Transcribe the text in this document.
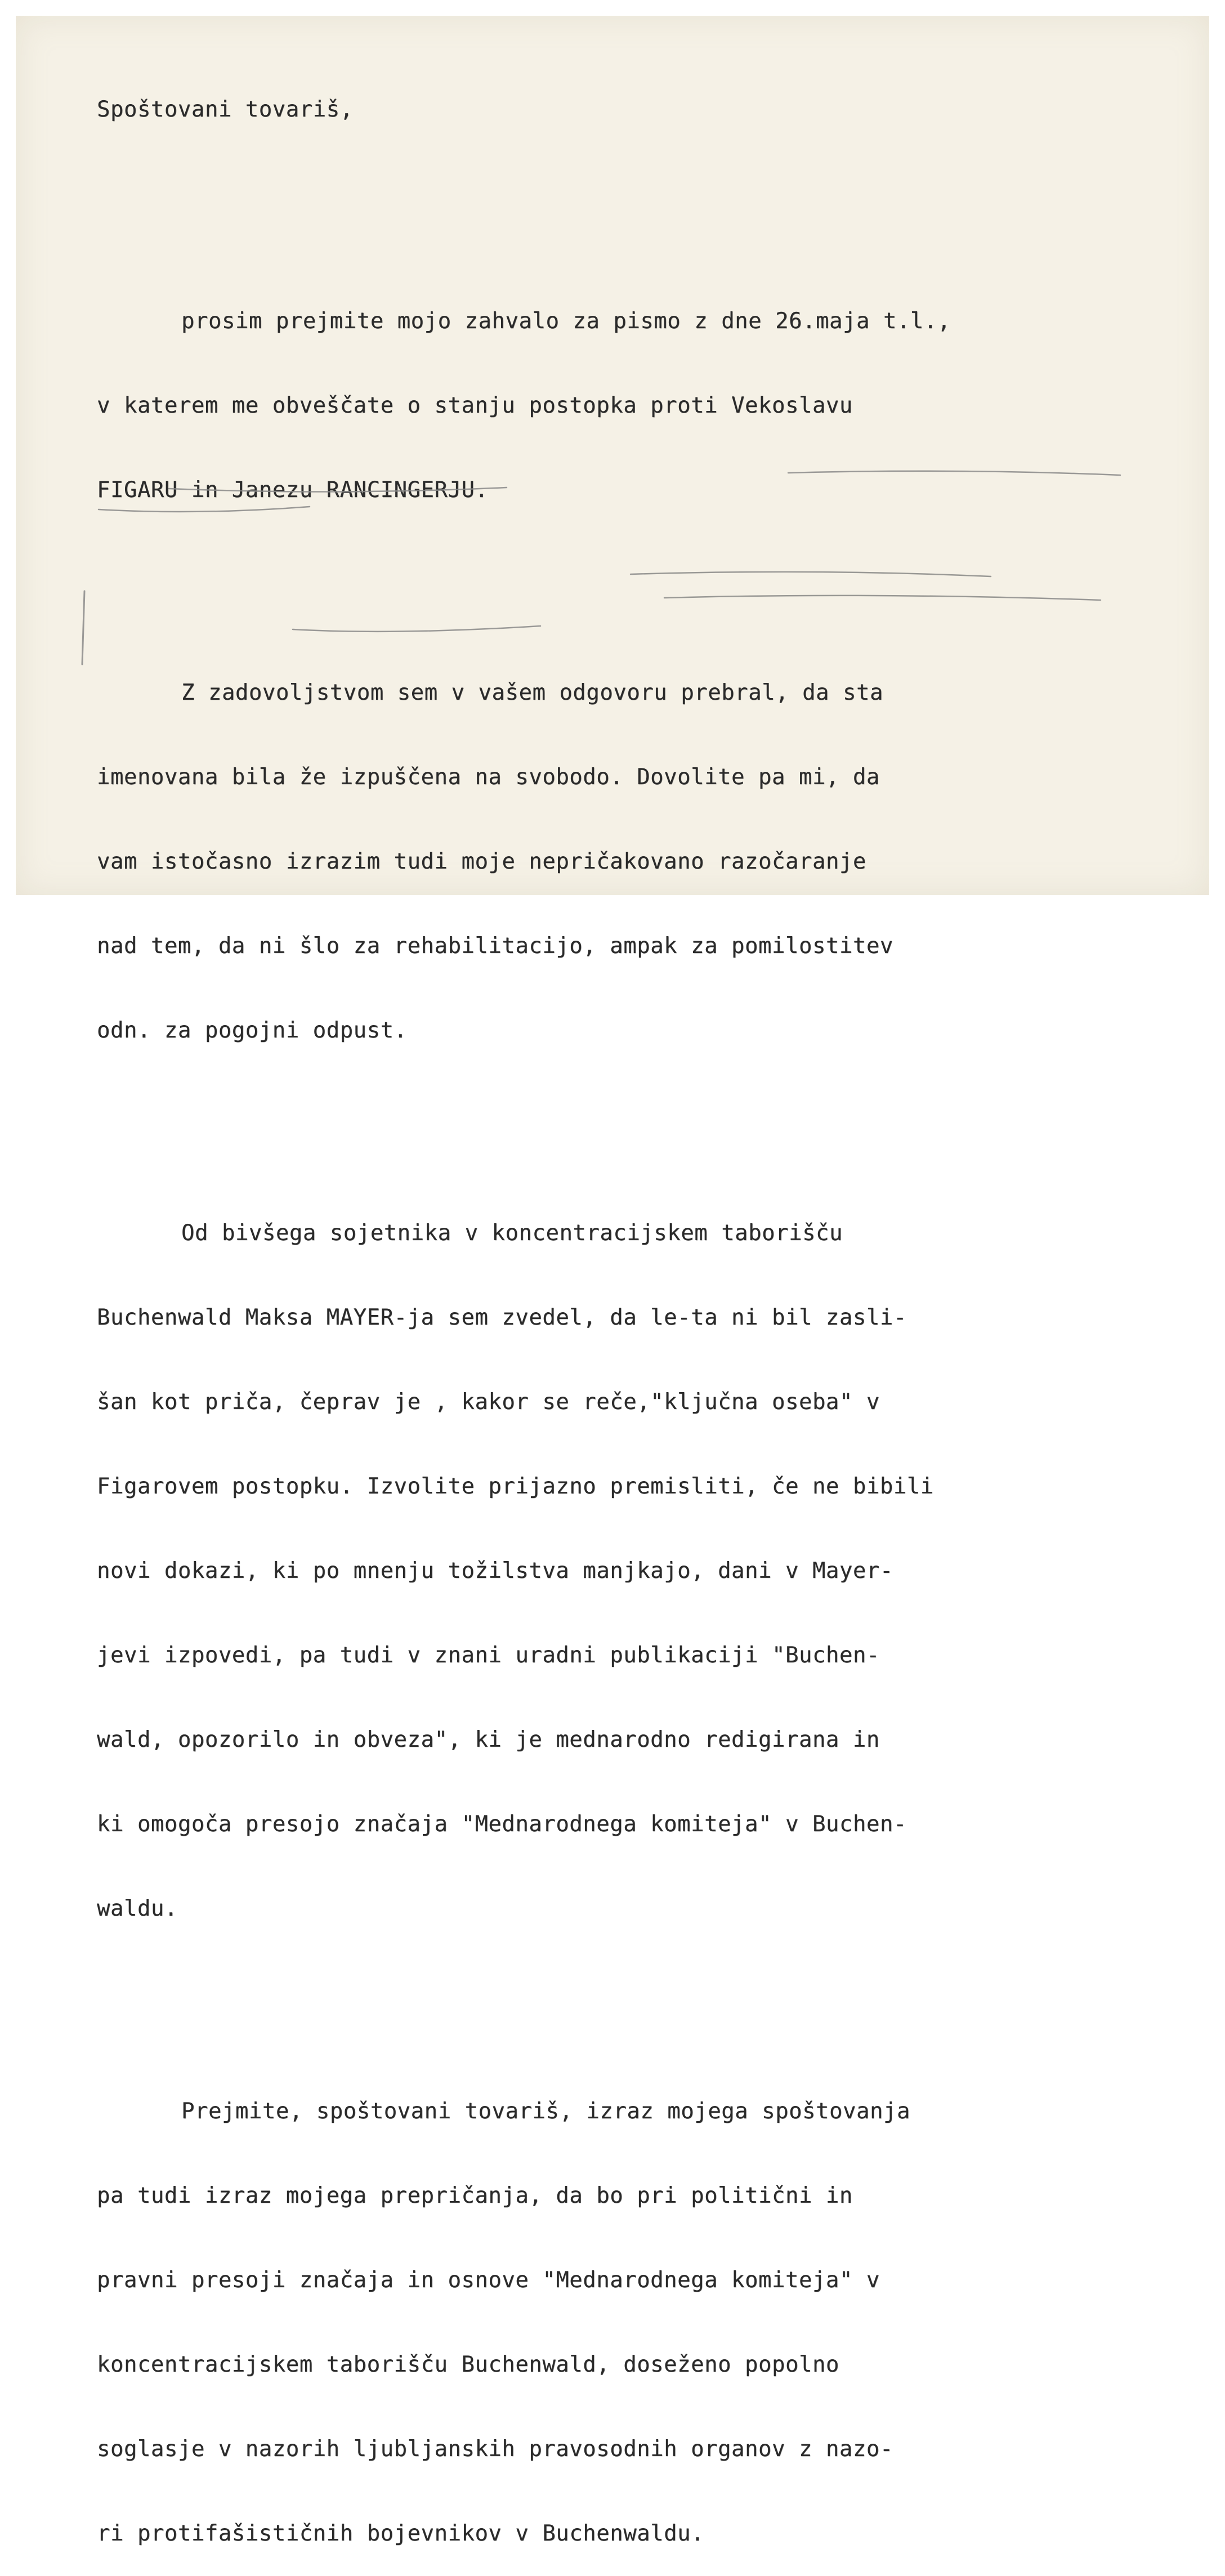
Spoštovani tovariš,

prosim prejmite mojo zahvalo za pismo z dne 26.maja t.l.,

v katerem me obveščate o stanju postopka proti Vekoslavu

FIGARU in Janezu RANCINGERJU.

Z zadovoljstvom sem v vašem odgovoru prebral, da sta

imenovana bila že izpuščena na svobodo. Dovolite pa mi, da

vam istočasno izrazim tudi moje nepričakovano razočaranje

nad tem, da ni šlo za rehabilitacijo, ampak za pomilostitev

odn. za pogojni odpust.

Od bivšega sojetnika v koncentracijskem taborišču

Buchenwald Maksa MAYER-ja sem zvedel, da le-ta ni bil zasli-

šan kot priča, čeprav je , kakor se reče,"ključna oseba" v

Figarovem postopku. Izvolite prijazno premisliti, če ne bibili

novi dokazi, ki po mnenju tožilstva manjkajo, dani v Mayer-

jevi izpovedi, pa tudi v znani uradni publikaciji "Buchen-

wald, opozorilo in obveza", ki je mednarodno redigirana in

ki omogoča presojo značaja "Mednarodnega komiteja" v Buchen-

waldu.

Prejmite, spoštovani tovariš, izraz mojega spoštovanja

pa tudi izraz mojega prepričanja, da bo pri politični in

pravni presoji značaja in osnove "Mednarodnega komiteja" v

koncentracijskem taborišču Buchenwald, doseženo popolno

soglasje v nazorih ljubljanskih pravosodnih organov z nazo-

ri protifašističnih bojevnikov v Buchenwaldu.
